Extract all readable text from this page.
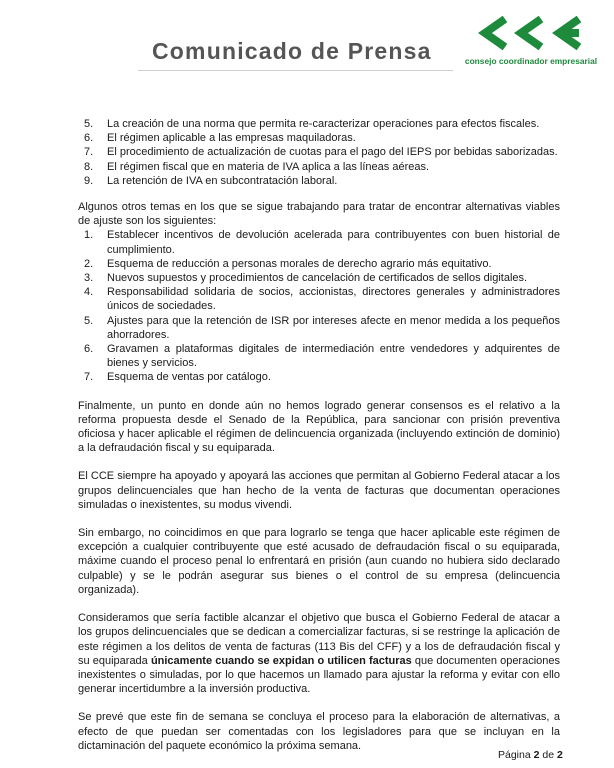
Comunicado de Prensa	consejo coordinador empresarial
5. La creación de una norma que permita re-caracterizar operaciones para efectos fiscales.
6. El régimen aplicable a las empresas maquiladoras.
7. El procedimiento de actualización de cuotas para el pago del IEPS por bebidas saborizadas.
8. El régimen fiscal que en materia de IVA aplica a las líneas aéreas.
9. La retención de IVA en subcontratación laboral.

Algunos otros temas en los que se sigue trabajando para tratar de encontrar alternativas viables de ajuste son los siguientes:

1. Establecer incentivos de devolución acelerada para contribuyentes con buen historial de cumplimiento.
2. Esquema de reducción a personas morales de derecho agrario más equitativo.
3. Nuevos supuestos y procedimientos de cancelación de certificados de sellos digitales.
4. Responsabilidad solidaria de socios, accionistas, directores generales y administradores únicos de sociedades.
5. Ajustes para que la retención de ISR por intereses afecte en menor medida a los pequeños ahorradores.
6. Gravamen a plataformas digitales de intermediación entre vendedores y adquirentes de bienes y servicios.
7. Esquema de ventas por catálogo.

Finalmente, un punto en donde aún no hemos logrado generar consensos es el relativo a la reforma propuesta desde el Senado de la República, para sancionar con prisión preventiva oficiosa y hacer aplicable el régimen de delincuencia organizada (incluyendo extinción de dominio) a la defraudación fiscal y su equiparada.

El CCE siempre ha apoyado y apoyará las acciones que permitan al Gobierno Federal atacar a los grupos delincuenciales que han hecho de la venta de facturas que documentan operaciones simuladas o inexistentes, su modus vivendi.

Sin embargo, no coincidimos en que para lograrlo se tenga que hacer aplicable este régimen de excepción a cualquier contribuyente que esté acusado de defraudación fiscal o su equiparada, máxime cuando el proceso penal lo enfrentará en prisión (aun cuando no hubiera sido declarado culpable) y se le podrán asegurar sus bienes o el control de su empresa (delincuencia organizada).

Consideramos que sería factible alcanzar el objetivo que busca el Gobierno Federal de atacar a los grupos delincuenciales que se dedican a comercializar facturas, si se restringe la aplicación de este régimen a los delitos de venta de facturas (113 Bis del CFF) y a los de defraudación fiscal y su equiparada únicamente cuando se expidan o utilicen facturas que documenten operaciones inexistentes o simuladas, por lo que hacemos un llamado para ajustar la reforma y evitar con ello generar incertidumbre a la inversión productiva.

Se prevé que este fin de semana se concluya el proceso para la elaboración de alternativas, a efecto de que puedan ser comentadas con los legisladores para que se incluyan en la dictaminación del paquete económico la próxima semana.

Página 2 de 2
